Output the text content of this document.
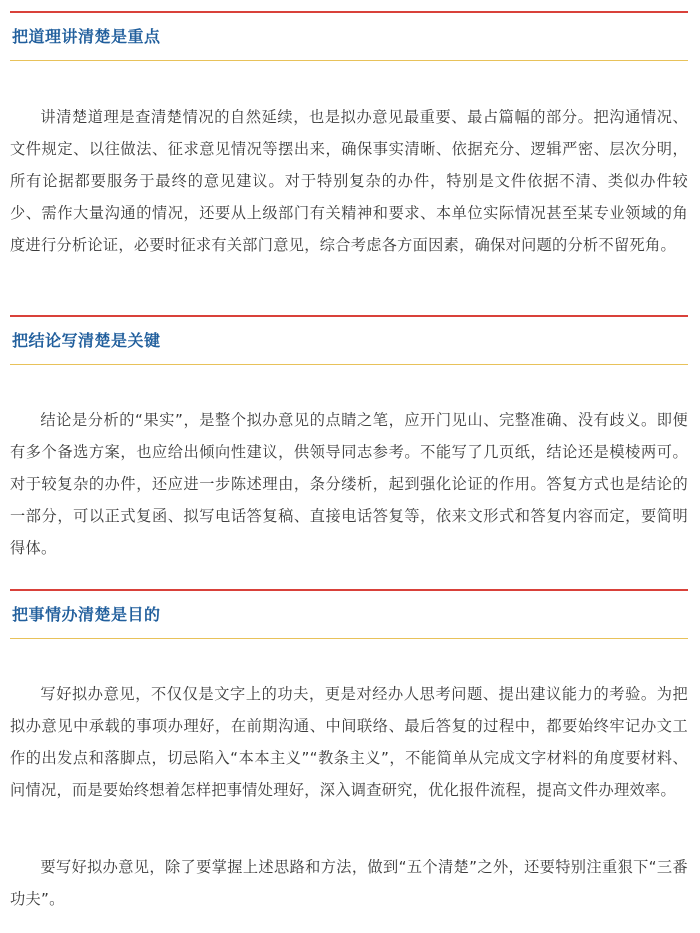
把道理讲清楚是重点

讲清楚道理是查清楚情况的自然延续，也是拟办意见最重要、最占篇幅的部分。把沟通情况、文件规定、以往做法、征求意见情况等摆出来，确保事实清晰、依据充分、逻辑严密、层次分明，所有论据都要服务于最终的意见建议。对于特别复杂的办件，特别是文件依据不清、类似办件较少、需作大量沟通的情况，还要从上级部门有关精神和要求、本单位实际情况甚至某专业领域的角度进行分析论证，必要时征求有关部门意见，综合考虑各方面因素，确保对问题的分析不留死角。

把结论写清楚是关键

结论是分析的“果实”，是整个拟办意见的点睛之笔，应开门见山、完整准确、没有歧义。即便有多个备选方案，也应给出倾向性建议，供领导同志参考。不能写了几页纸，结论还是模棱两可。对于较复杂的办件，还应进一步陈述理由，条分缕析，起到强化论证的作用。答复方式也是结论的一部分，可以正式复函、拟写电话答复稿、直接电话答复等，依来文形式和答复内容而定，要简明得体。

把事情办清楚是目的

写好拟办意见，不仅仅是文字上的功夫，更是对经办人思考问题、提出建议能力的考验。为把拟办意见中承载的事项办理好，在前期沟通、中间联络、最后答复的过程中，都要始终牢记办文工作的出发点和落脚点，切忌陷入“本本主义”“教条主义”，不能简单从完成文字材料的角度要材料、问情况，而是要始终想着怎样把事情处理好，深入调查研究，优化报件流程，提高文件办理效率。

要写好拟办意见，除了要掌握上述思路和方法，做到“五个清楚”之外，还要特别注重狠下“三番功夫”。
